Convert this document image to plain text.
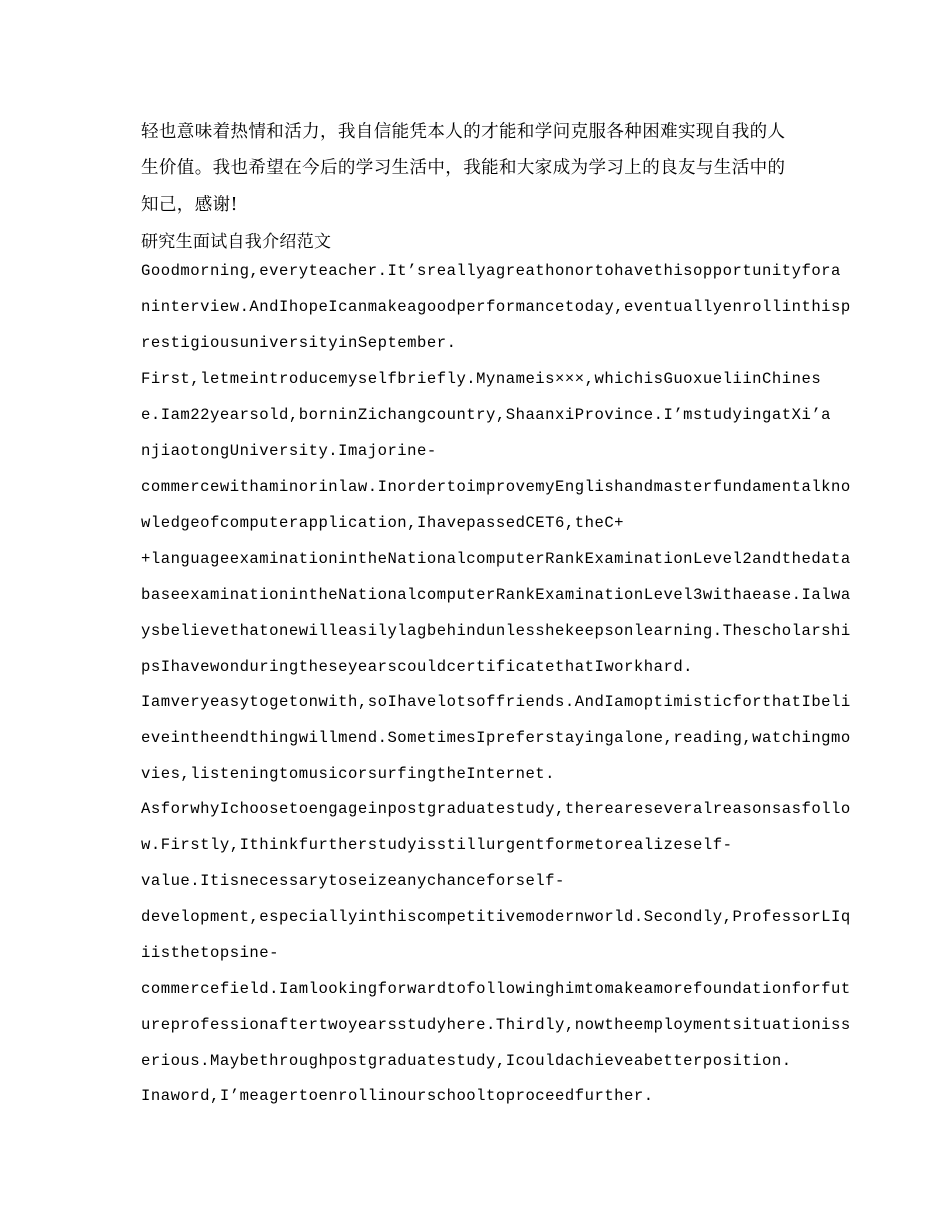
轻也意味着热情和活力，我自信能凭本人的才能和学问克服各种困难实现自我的人
生价值。我也希望在今后的学习生活中，我能和大家成为学习上的良友与生活中的
知己，感谢!
研究生面试自我介绍范文
Goodmorning,everyteacher.It’sreallyagreathonortohavethisopportunityfora
ninterview.AndIhopeIcanmakeagoodperformancetoday,eventuallyenrollinthisp
restigiousuniversityinSeptember.
First,letmeintroducemyselfbriefly.Mynameis×××,whichisGuoxueliinChines
e.Iam22yearsold,borninZichangcountry,ShaanxiProvince.I’mstudyingatXi’a
njiaotongUniversity.Imajorine-
commercewithaminorinlaw.InordertoimprovemyEnglishandmasterfundamentalkno
wledgeofcomputerapplication,IhavepassedCET6,theC+
+languageexaminationintheNationalcomputerRankExaminationLevel2andthedata
baseexaminationintheNationalcomputerRankExaminationLevel3withaease.Ialwa
ysbelievethatonewilleasilylagbehindunlesshekeepsonlearning.Thescholarshi
psIhavewonduringtheseyearscouldcertificatethatIworkhard.
Iamveryeasytogetonwith,soIhavelotsoffriends.AndIamoptimisticforthatIbeli
eveintheendthingwillmend.SometimesIpreferstayingalone,reading,watchingmo
vies,listeningtomusicorsurfingtheInternet.
AsforwhyIchoosetoengageinpostgraduatestudy,thereareseveralreasonsasfollo
w.Firstly,Ithinkfurtherstudyisstillurgentformetorealizeself-
value.Itisnecessarytoseizeanychanceforself-
development,especiallyinthiscompetitivemodernworld.Secondly,ProfessorLIq
iisthetopsine-
commercefield.Iamlookingforwardtofollowinghimtomakeamorefoundationforfut
ureprofessionaftertwoyearsstudyhere.Thirdly,nowtheemploymentsituationiss
erious.Maybethroughpostgraduatestudy,Icouldachieveabetterposition.
Inaword,I’meagertoenrollinourschooltoproceedfurther.
